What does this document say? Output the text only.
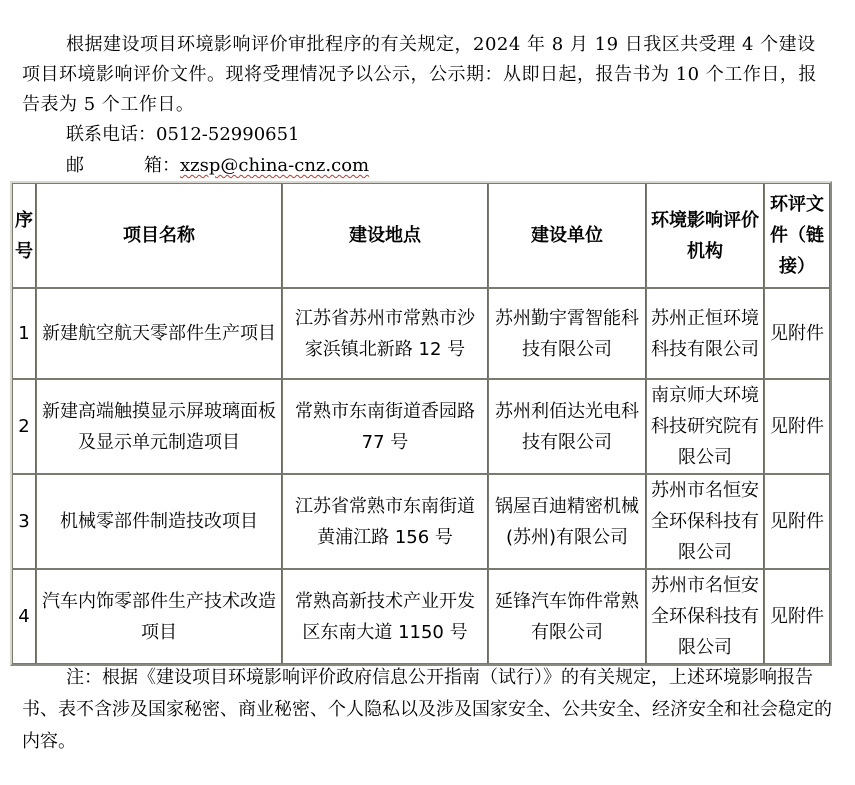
根据建设项目环境影响评价审批程序的有关规定，2024 年 8 月 19 日我区共受理 4 个建设项目环境影响评价文件。现将受理情况予以公示，公示期：从即日起，报告书为 10 个工作日，报告表为 5 个工作日。
联系电话：0512-52990651
邮	箱：xzsp@china-cnz.com
序号	项目名称	建设地点	建设单位	环境影响评价机构	环评文件（链接）
1	新建航空航天零部件生产项目	江苏省苏州市常熟市沙家浜镇北新路 12 号	苏州勤宇霄智能科技有限公司	苏州正恒环境科技有限公司	见附件
2	新建高端触摸显示屏玻璃面板及显示单元制造项目	常熟市东南街道香园路 77 号	苏州利佰达光电科技有限公司	南京师大环境科技研究院有限公司	见附件
3	机械零部件制造技改项目	江苏省常熟市东南街道黄浦江路 156 号	锅屋百迪精密机械(苏州)有限公司	苏州市名恒安全环保科技有限公司	见附件
4	汽车内饰零部件生产技术改造项目	常熟高新技术产业开发区东南大道 1150 号	延锋汽车饰件常熟有限公司	苏州市名恒安全环保科技有限公司	见附件
注：根据《建设项目环境影响评价政府信息公开指南（试行）》的有关规定，上述环境影响报告书、表不含涉及国家秘密、商业秘密、个人隐私以及涉及国家安全、公共安全、经济安全和社会稳定的内容。
